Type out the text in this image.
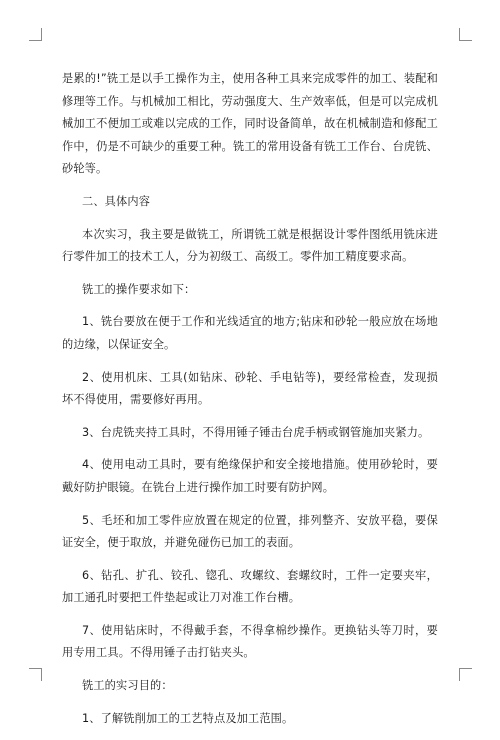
是累的!”铣工是以手工操作为主，使用各种工具来完成零件的加工、装配和修理等工作。与机械加工相比，劳动强度大、生产效率低，但是可以完成机械加工不便加工或难以完成的工作，同时设备简单，故在机械制造和修配工作中，仍是不可缺少的重要工种。铣工的常用设备有铣工工作台、台虎铣、砂轮等。

二、具体内容

本次实习，我主要是做铣工，所谓铣工就是根据设计零件图纸用铣床进行零件加工的技术工人，分为初级工、高级工。零件加工精度要求高。

铣工的操作要求如下：

1、铣台要放在便于工作和光线适宜的地方;钻床和砂轮一般应放在场地的边缘，以保证安全。

2、使用机床、工具(如钻床、砂轮、手电钻等)，要经常检查，发现损坏不得使用，需要修好再用。

3、台虎铣夹持工具时，不得用锤子锤击台虎手柄或钢管施加夹紧力。

4、使用电动工具时，要有绝缘保护和安全接地措施。使用砂轮时，要戴好防护眼镜。在铣台上进行操作加工时要有防护网。

5、毛坯和加工零件应放置在规定的位置，排列整齐、安放平稳，要保证安全，便于取放，并避免碰伤已加工的表面。

6、钻孔、扩孔、铰孔、锪孔、攻螺纹、套螺纹时，工件一定要夹牢，加工通孔时要把工件垫起或让刀对准工作台槽。

7、使用钻床时，不得戴手套，不得拿棉纱操作。更换钻头等刀时，要用专用工具。不得用锤子击打钻夹头。

铣工的实习目的：

1、了解铣削加工的工艺特点及加工范围。
